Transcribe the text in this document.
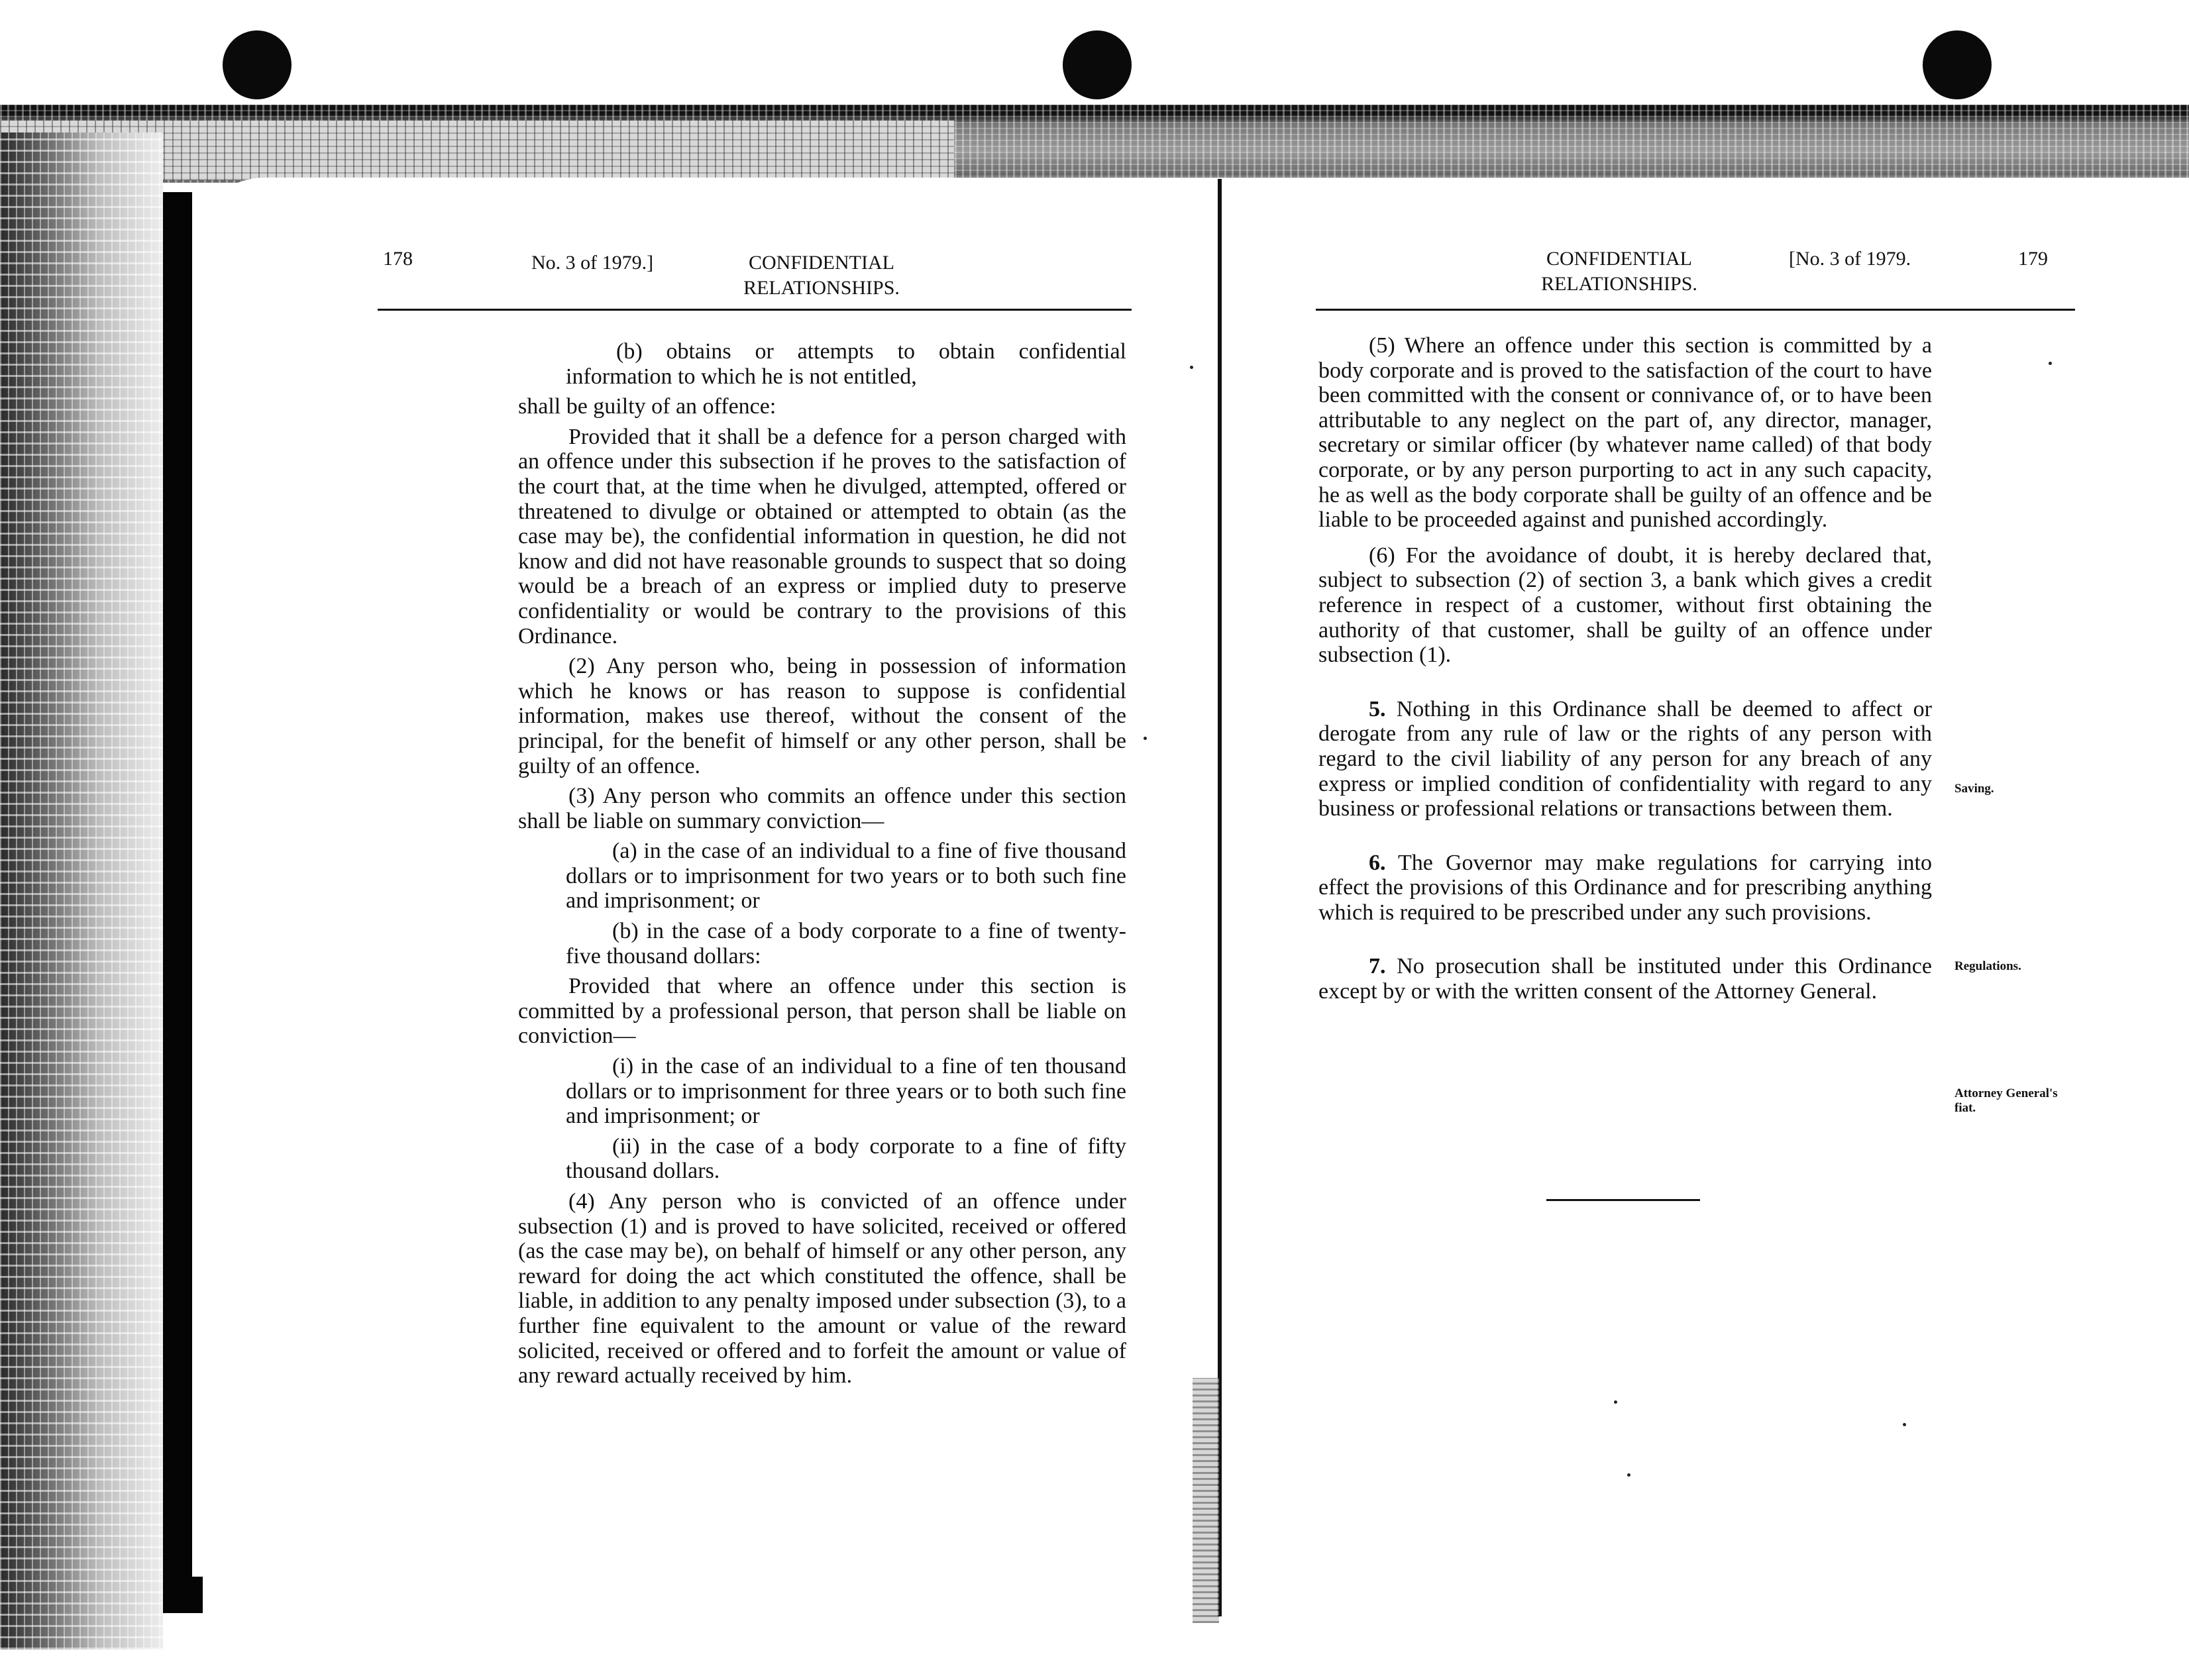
178	No. 3 of 1979.]	CONFIDENTIAL
RELATIONSHIPS.

(b) obtains or attempts to obtain confidential information to which he is not entitled,

shall be guilty of an offence:

Provided that it shall be a defence for a person charged with an offence under this subsection if he proves to the satisfaction of the court that, at the time when he divulged, attempted, offered or threatened to divulge or obtained or attempted to obtain (as the case may be), the confidential information in question, he did not know and did not have reasonable grounds to suspect that so doing would be a breach of an express or implied duty to preserve confidentiality or would be contrary to the provisions of this Ordinance.

(2) Any person who, being in possession of information which he knows or has reason to suppose is confidential information, makes use thereof, without the consent of the principal, for the benefit of himself or any other person, shall be guilty of an offence.

(3) Any person who commits an offence under this section shall be liable on summary conviction—

(a) in the case of an individual to a fine of five thousand dollars or to imprisonment for two years or to both such fine and imprisonment; or

(b) in the case of a body corporate to a fine of twenty-five thousand dollars:

Provided that where an offence under this section is committed by a professional person, that person shall be liable on conviction—

(i) in the case of an individual to a fine of ten thousand dollars or to imprisonment for three years or to both such fine and imprisonment; or

(ii) in the case of a body corporate to a fine of fifty thousand dollars.

(4) Any person who is convicted of an offence under subsection (1) and is proved to have solicited, received or offered (as the case may be), on behalf of himself or any other person, any reward for doing the act which constituted the offence, shall be liable, in addition to any penalty imposed under subsection (3), to a further fine equivalent to the amount or value of the reward solicited, received or offered and to forfeit the amount or value of any reward actually received by him.

CONFIDENTIAL
RELATIONSHIPS.
[No. 3 of 1979.	179

(5) Where an offence under this section is committed by a body corporate and is proved to the satisfaction of the court to have been committed with the consent or connivance of, or to have been attributable to any neglect on the part of, any director, manager, secretary or similar officer (by whatever name called) of that body corporate, or by any person purporting to act in any such capacity, he as well as the body corporate shall be guilty of an offence and be liable to be proceeded against and punished accordingly.

(6) For the avoidance of doubt, it is hereby declared that, subject to subsection (2) of section 3, a bank which gives a credit reference in respect of a customer, without first obtaining the authority of that customer, shall be guilty of an offence under subsection (1).

5. Nothing in this Ordinance shall be deemed to affect or derogate from any rule of law or the rights of any person with regard to the civil liability of any person for any breach of any express or implied condition of confidentiality with regard to any business or professional relations or transactions between them.

6. The Governor may make regulations for carrying into effect the provisions of this Ordinance and for prescribing anything which is required to be prescribed under any such provisions.

7. No prosecution shall be instituted under this Ordinance except by or with the written consent of the Attorney General.

Saving.
Regulations.
Attorney General's fiat.
